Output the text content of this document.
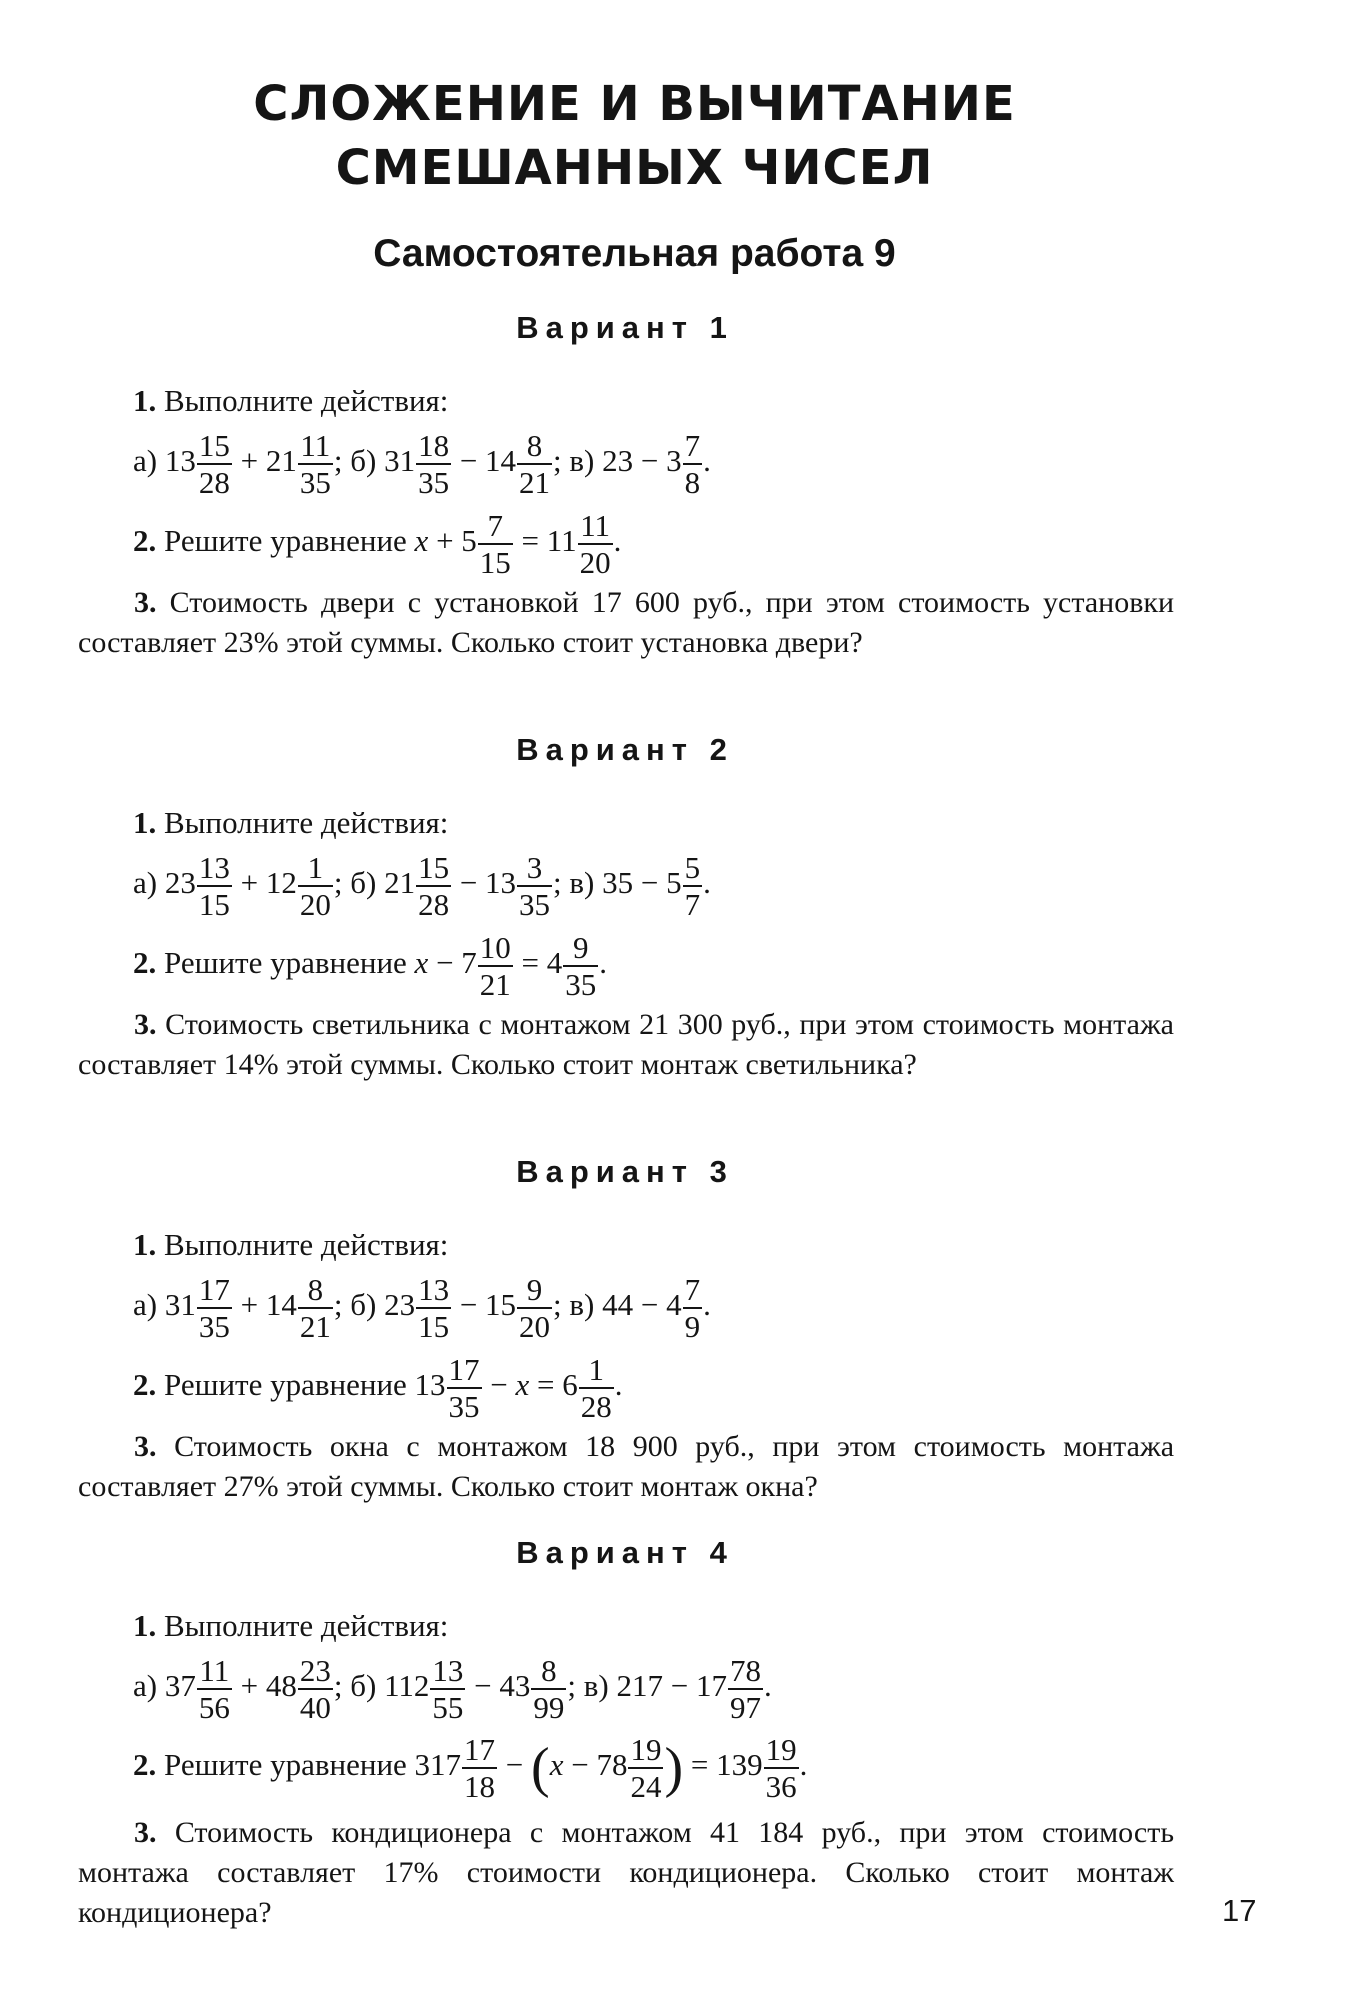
СЛОЖЕНИЕ И ВЫЧИТАНИЕ
СМЕШАННЫХ ЧИСЕЛ
Самостоятельная работа 9
Вариант 1
1. Выполните действия:
а) $13 \frac{15}{28} + 21 \frac{11}{35}$ ; б) $31 \frac{18}{35} - 14 \frac{8}{21}$ ; в) $23 - 3 \frac{7}{8}$ .
2. Решите уравнение $x + 5 \frac{7}{15} = 11 \frac{11}{20}$ .

3. Стоимость двери с установкой 17 600 руб., при этом стоимость установки составляет 23% этой суммы. Сколько стоит установка двери?

Вариант 2
1. Выполните действия:
а) $23 \frac{13}{15} + 12 \frac{1}{20}$ ; б) $21 \frac{15}{28} - 13 \frac{3}{35}$ ; в) $35 - 5 \frac{5}{7}$ .
2. Решите уравнение $x - 7 \frac{10}{21} = 4 \frac{9}{35}$ .

3. Стоимость светильника с монтажом 21 300 руб., при этом стоимость монтажа составляет 14% этой суммы. Сколько стоит монтаж светильника?

Вариант 3
1. Выполните действия:
а) $31 \frac{17}{35} + 14 \frac{8}{21}$ ; б) $23 \frac{13}{15} - 15 \frac{9}{20}$ ; в) $44 - 4 \frac{7}{9}$ .
2. Решите уравнение $13 \frac{17}{35} - x = 6 \frac{1}{28}$ .

3. Стоимость окна с монтажом 18 900 руб., при этом стоимость монтажа составляет 27% этой суммы. Сколько стоит монтаж окна?

Вариант 4
1. Выполните действия:
а) $37 \frac{11}{56} + 48 \frac{23}{40}$ ; б) $112 \frac{13}{55} - 43 \frac{8}{99}$ ; в) $217 - 17 \frac{78}{97}$ .
2. Решите уравнение $317 \frac{17}{18} - (x - 78 \frac{19}{24}$ ) = $139 \frac{19}{36}$ .

3. Стоимость кондиционера с монтажом 41 184 руб., при этом стоимость монтажа составляет 17% стоимости кондиционера. Сколько стоит монтаж кондиционера?	17
